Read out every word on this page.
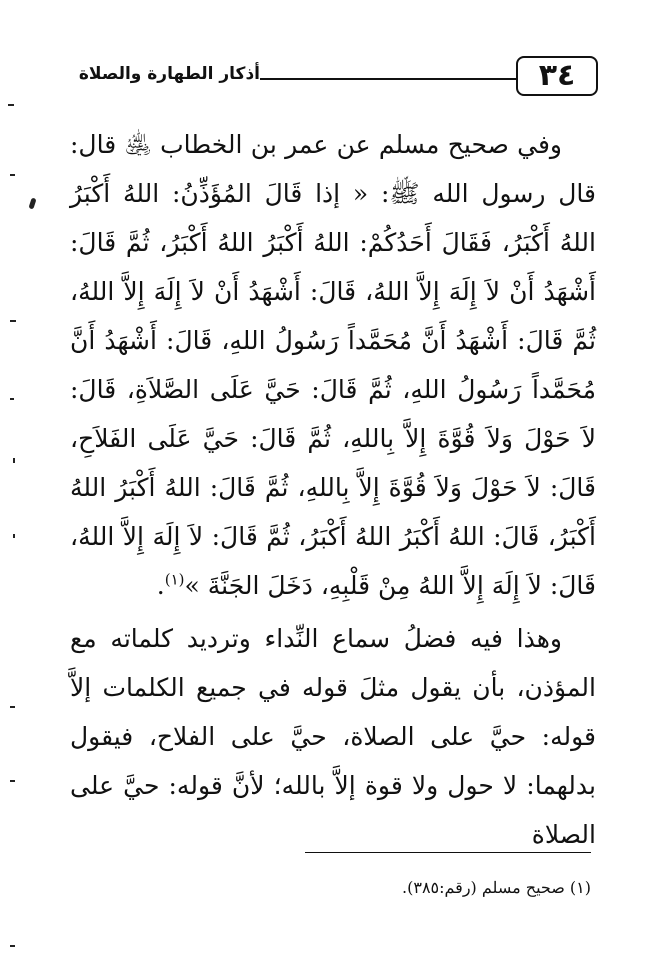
٣٤
أذكار الطهارة والصلاة

وفي صحيح مسلم عن عمر بن الخطاب ﵁ قال: قال رسول الله ﷺ: « إذا قَالَ المُؤَذِّنُ: اللهُ أَكْبَرُ اللهُ أَكْبَرُ، فَقَالَ أَحَدُكُمْ: اللهُ أَكْبَرُ اللهُ أَكْبَرُ، ثُمَّ قَالَ: أَشْهَدُ أَنْ لاَ إِلَهَ إِلاَّ اللهُ، قَالَ: أَشْهَدُ أَنْ لاَ إِلَهَ إِلاَّ اللهُ، ثُمَّ قَالَ: أَشْهَدُ أَنَّ مُحَمَّداً رَسُولُ اللهِ، قَالَ: أَشْهَدُ أَنَّ مُحَمَّداً رَسُولُ اللهِ، ثُمَّ قَالَ: حَيَّ عَلَى الصَّلاَةِ، قَالَ: لاَ حَوْلَ وَلاَ قُوَّةَ إِلاَّ بِاللهِ، ثُمَّ قَالَ: حَيَّ عَلَى الفَلاَحِ، قَالَ: لاَ حَوْلَ وَلاَ قُوَّةَ إِلاَّ بِاللهِ، ثُمَّ قَالَ: اللهُ أَكْبَرُ اللهُ أَكْبَرُ، قَالَ: اللهُ أَكْبَرُ اللهُ أَكْبَرُ، ثُمَّ قَالَ: لاَ إِلَهَ إِلاَّ اللهُ، قَالَ: لاَ إِلَهَ إِلاَّ اللهُ مِنْ قَلْبِهِ، دَخَلَ الجَنَّةَ »$^{(١)}$.

وهذا فيه فضلُ سماع النِّداء وترديد كلماته مع المؤذن، بأن يقول مثلَ قوله في جميع الكلمات إلاَّ قوله: حيَّ على الصلاة، حيَّ على الفلاح، فيقول بدلهما: لا حول ولا قوة إلاَّ بالله؛ لأنَّ قوله: حيَّ على الصلاة

(١) صحيح مسلم (رقم:٣٨٥).
